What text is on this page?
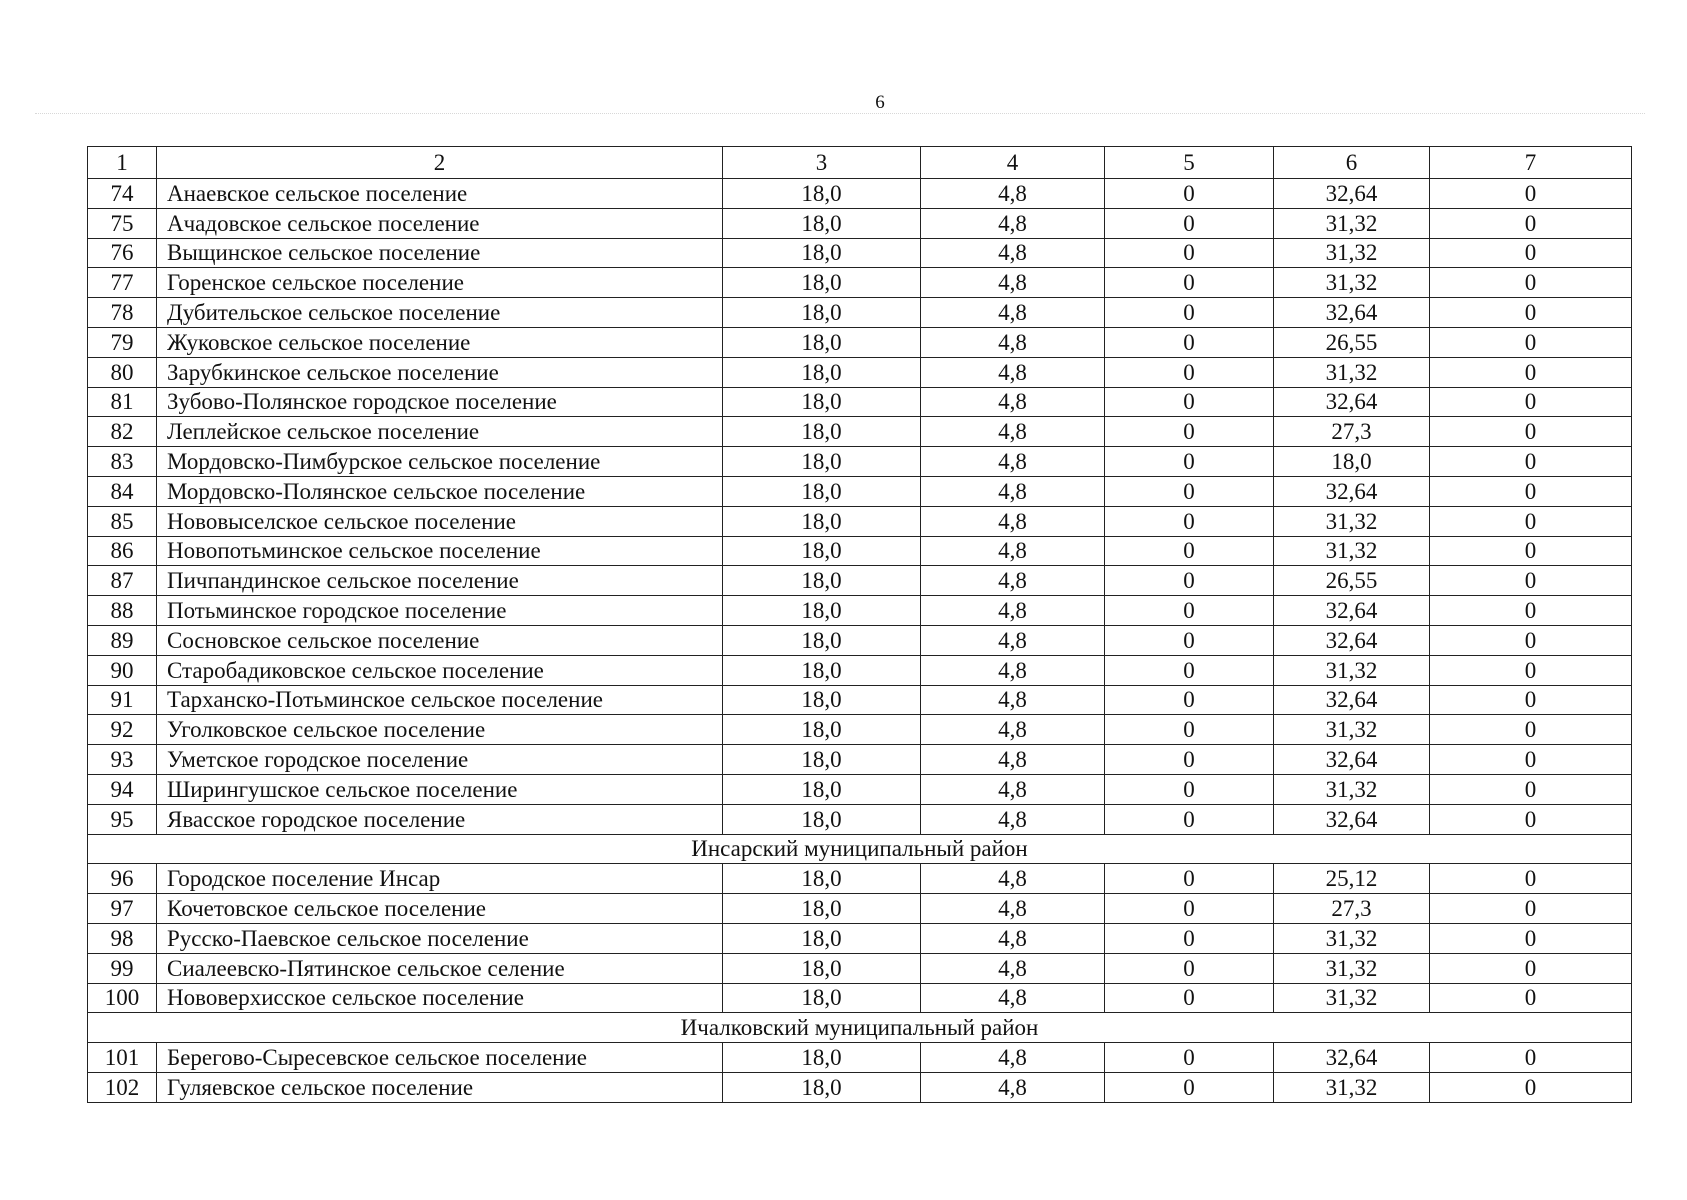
6
1	2	3	4	5	6	7
74	Анаевское сельское поселение	18,0	4,8	0	32,64	0
75	Ачадовское сельское поселение	18,0	4,8	0	31,32	0
76	Выщинское сельское поселение	18,0	4,8	0	31,32	0
77	Горенское сельское поселение	18,0	4,8	0	31,32	0
78	Дубительское сельское поселение	18,0	4,8	0	32,64	0
79	Жуковское сельское поселение	18,0	4,8	0	26,55	0
80	Зарубкинское сельское поселение	18,0	4,8	0	31,32	0
81	Зубово-Полянское городское поселение	18,0	4,8	0	32,64	0
82	Леплейское сельское поселение	18,0	4,8	0	27,3	0
83	Мордовско-Пимбурское сельское поселение	18,0	4,8	0	18,0	0
84	Мордовско-Полянское сельское поселение	18,0	4,8	0	32,64	0
85	Нововыселское сельское поселение	18,0	4,8	0	31,32	0
86	Новопотьминское сельское поселение	18,0	4,8	0	31,32	0
87	Пичпандинское сельское поселение	18,0	4,8	0	26,55	0
88	Потьминское городское поселение	18,0	4,8	0	32,64	0
89	Сосновское сельское поселение	18,0	4,8	0	32,64	0
90	Старобадиковское сельское поселение	18,0	4,8	0	31,32	0
91	Тарханско-Потьминское сельское поселение	18,0	4,8	0	32,64	0
92	Уголковское сельское поселение	18,0	4,8	0	31,32	0
93	Уметское городское поселение	18,0	4,8	0	32,64	0
94	Ширингушское сельское поселение	18,0	4,8	0	31,32	0
95	Явасское городское поселение	18,0	4,8	0	32,64	0
Инсарский муниципальный район						
96	Городское поселение Инсар	18,0	4,8	0	25,12	0
97	Кочетовское сельское поселение	18,0	4,8	0	27,3	0
98	Русско-Паевское сельское поселение	18,0	4,8	0	31,32	0
99	Сиалеевско-Пятинское сельское селение	18,0	4,8	0	31,32	0
100	Нововерхисское сельское поселение	18,0	4,8	0	31,32	0
Ичалковский муниципальный район						
101	Берегово-Сыресевское сельское поселение	18,0	4,8	0	32,64	0
102	Гуляевское сельское поселение	18,0	4,8	0	31,32	0
